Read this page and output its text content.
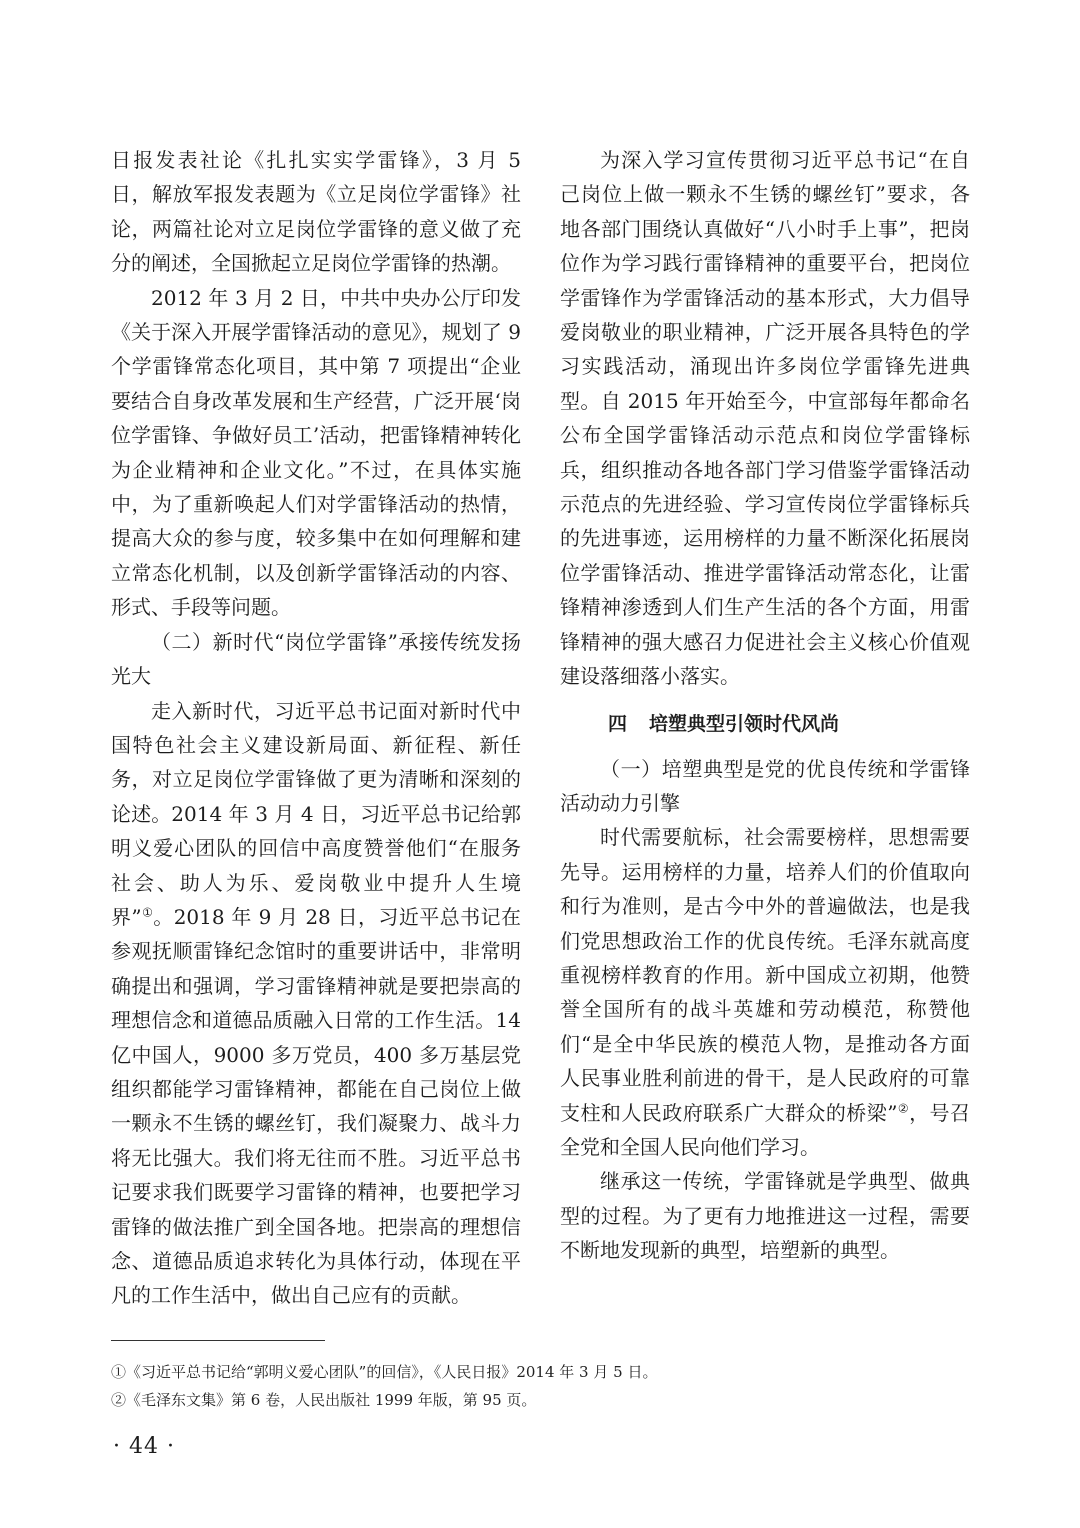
日报发表社论《扎扎实实学雷锋》，3 月 5 日，解放军报发表题为《立足岗位学雷锋》社论，两篇社论对立足岗位学雷锋的意义做了充分的阐述，全国掀起立足岗位学雷锋的热潮。

2012 年 3 月 2 日，中共中央办公厅印发《关于深入开展学雷锋活动的意见》，规划了 9 个学雷锋常态化项目，其中第 7 项提出“企业要结合自身改革发展和生产经营，广泛开展‘岗位学雷锋、争做好员工’活动，把雷锋精神转化为企业精神和企业文化。”不过，在具体实施中，为了重新唤起人们对学雷锋活动的热情，提高大众的参与度，较多集中在如何理解和建立常态化机制，以及创新学雷锋活动的内容、形式、手段等问题。

（二）新时代“岗位学雷锋”承接传统发扬光大

走入新时代，习近平总书记面对新时代中国特色社会主义建设新局面、新征程、新任务，对立足岗位学雷锋做了更为清晰和深刻的论述。2014 年 3 月 4 日，习近平总书记给郭明义爱心团队的回信中高度赞誉他们“在服务社会、助人为乐、爱岗敬业中提升人生境界”①。2018 年 9 月 28 日，习近平总书记在参观抚顺雷锋纪念馆时的重要讲话中，非常明确提出和强调，学习雷锋精神就是要把崇高的理想信念和道德品质融入日常的工作生活。14 亿中国人，9000 多万党员，400 多万基层党组织都能学习雷锋精神，都能在自己岗位上做一颗永不生锈的螺丝钉，我们凝聚力、战斗力将无比强大。我们将无往而不胜。习近平总书记要求我们既要学习雷锋的精神，也要把学习雷锋的做法推广到全国各地。把崇高的理想信念、道德品质追求转化为具体行动，体现在平凡的工作生活中，做出自己应有的贡献。

为深入学习宣传贯彻习近平总书记“在自己岗位上做一颗永不生锈的螺丝钉”要求，各地各部门围绕认真做好“八小时手上事”，把岗位作为学习践行雷锋精神的重要平台，把岗位学雷锋作为学雷锋活动的基本形式，大力倡导爱岗敬业的职业精神，广泛开展各具特色的学习实践活动，涌现出许多岗位学雷锋先进典型。自 2015 年开始至今，中宣部每年都命名公布全国学雷锋活动示范点和岗位学雷锋标兵，组织推动各地各部门学习借鉴学雷锋活动示范点的先进经验、学习宣传岗位学雷锋标兵的先进事迹，运用榜样的力量不断深化拓展岗位学雷锋活动、推进学雷锋活动常态化，让雷锋精神渗透到人们生产生活的各个方面，用雷锋精神的强大感召力促进社会主义核心价值观建设落细落小落实。

四 培塑典型引领时代风尚

（一）培塑典型是党的优良传统和学雷锋活动动力引擎

时代需要航标，社会需要榜样，思想需要先导。运用榜样的力量，培养人们的价值取向和行为准则，是古今中外的普遍做法，也是我们党思想政治工作的优良传统。毛泽东就高度重视榜样教育的作用。新中国成立初期，他赞誉全国所有的战斗英雄和劳动模范，称赞他们“是全中华民族的模范人物，是推动各方面人民事业胜利前进的骨干，是人民政府的可靠支柱和人民政府联系广大群众的桥梁”②，号召全党和全国人民向他们学习。

继承这一传统，学雷锋就是学典型、做典型的过程。为了更有力地推进这一过程，需要不断地发现新的典型，培塑新的典型。

①《习近平总书记给“郭明义爱心团队”的回信》，《人民日报》2014 年 3 月 5 日。
②《毛泽东文集》第 6 卷，人民出版社 1999 年版，第 95 页。
· 44 ·
